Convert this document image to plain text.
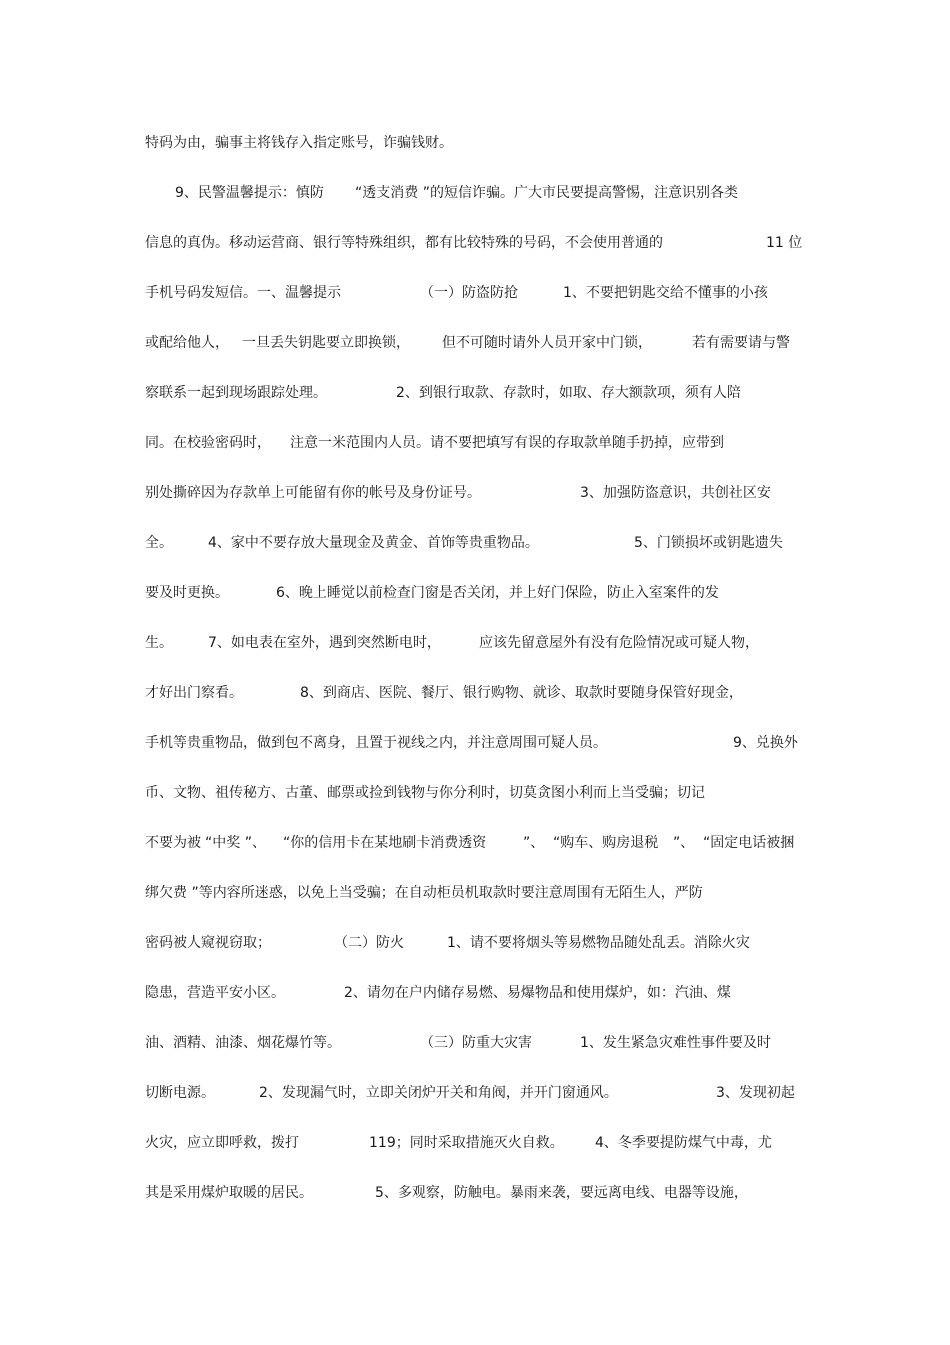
特码为由，骗事主将钱存入指定账号，诈骗钱财。
9、民警温馨提示：慎防 “透支消费 ”的短信诈骗。广大市民要提高警惕，注意识别各类
信息的真伪。移动运营商、银行等特殊组织，都有比较特殊的号码，不会使用普通的	11 位
手机号码发短信。一、温馨提示	（一）防盗防抢	1、不要把钥匙交给不懂事的小孩
或配给他人， 一旦丢失钥匙要立即换锁， 但不可随时请外人员开家中门锁，	若有需要请与警
察联系一起到现场跟踪处理。	2、到银行取款、存款时，如取、存大额款项，须有人陪
同。在校验密码时， 注意一米范围内人员。请不要把填写有误的存取款单随手扔掉，应带到
别处撕碎因为存款单上可能留有你的帐号及身份证号。	3、加强防盗意识，共创社区安
全。	4、家中不要存放大量现金及黄金、首饰等贵重物品。	5、门锁损坏或钥匙遗失
要及时更换。	6、晚上睡觉以前检查门窗是否关闭，并上好门保险，防止入室案件的发
生。	7、如电表在室外，遇到突然断电时，	应该先留意屋外有没有危险情况或可疑人物，
才好出门察看。	8、到商店、医院、餐厅、银行购物、就诊、取款时要随身保管好现金，
手机等贵重物品，做到包不离身，且置于视线之内，并注意周围可疑人员。	9、兑换外
币、文物、祖传秘方、古董、邮票或捡到钱物与你分利时，切莫贪图小利而上当受骗；切记
不要为被 “中奖 ”、 “你的信用卡在某地刷卡消费透资	”、 “购车、购房退税 ”、 “固定电话被捆
绑欠费 ”等内容所迷惑，以免上当受骗；在自动柜员机取款时要注意周围有无陌生人，严防
密码被人窥视窃取；	（二）防火	1、请不要将烟头等易燃物品随处乱丢。消除火灾
隐患，营造平安小区。	2、请勿在户内储存易燃、易爆物品和使用煤炉，如：汽油、煤
油、酒精、油漆、烟花爆竹等。	（三）防重大灾害	1、发生紧急灾难性事件要及时
切断电源。	2、发现漏气时，立即关闭炉开关和角阀，并开门窗通风。	3、发现初起
火灾，应立即呼救，拨打	119；同时采取措施灭火自救。 4、冬季要提防煤气中毒，尤
其是采用煤炉取暖的居民。	5、多观察，防触电。暴雨来袭，要远离电线、电器等设施，
